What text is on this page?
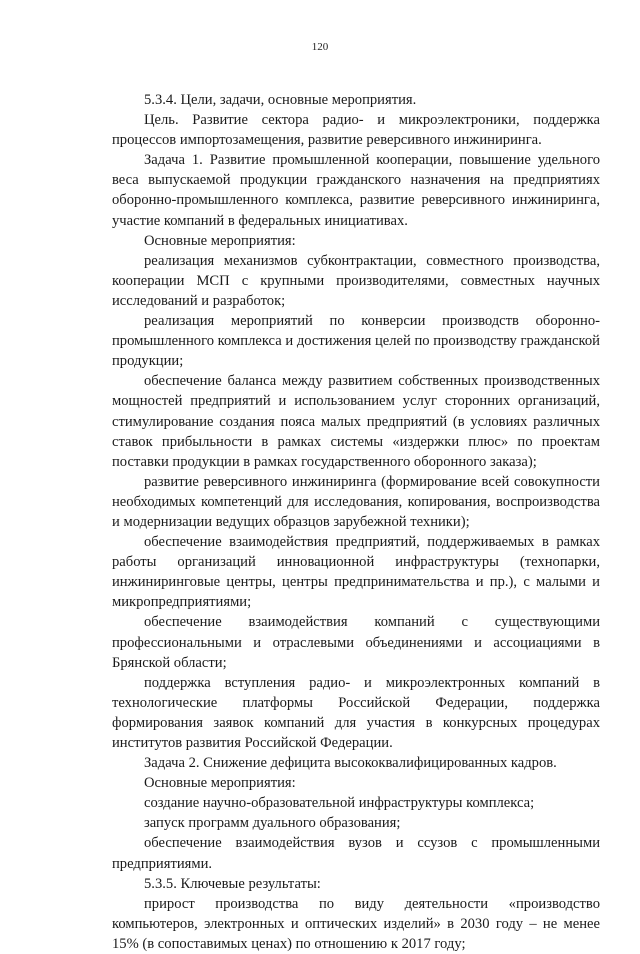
120

5.3.4. Цели, задачи, основные мероприятия.

Цель. Развитие сектора радио- и микроэлектроники, поддержка процессов импортозамещения, развитие реверсивного инжиниринга.

Задача 1. Развитие промышленной кооперации, повышение удельного веса выпускаемой продукции гражданского назначения на предприятиях оборонно-промышленного комплекса, развитие реверсивного инжиниринга, участие компаний в федеральных инициативах.

Основные мероприятия:

реализация механизмов субконтрактации, совместного производства, кооперации МСП с крупными производителями, совместных научных исследований и разработок;

реализация мероприятий по конверсии производств оборонно-промышленного комплекса и достижения целей по производству гражданской продукции;

обеспечение баланса между развитием собственных производственных мощностей предприятий и использованием услуг сторонних организаций, стимулирование создания пояса малых предприятий (в условиях различных ставок прибыльности в рамках системы «издержки плюс» по проектам поставки продукции в рамках государственного оборонного заказа);

развитие реверсивного инжиниринга (формирование всей совокупности необходимых компетенций для исследования, копирования, воспроизводства и модернизации ведущих образцов зарубежной техники);

обеспечение взаимодействия предприятий, поддерживаемых в рамках работы организаций инновационной инфраструктуры (технопарки, инжиниринговые центры, центры предпринимательства и пр.), с малыми и микропредприятиями;

обеспечение взаимодействия компаний с существующими профессиональными и отраслевыми объединениями и ассоциациями в Брянской области;

поддержка вступления радио- и микроэлектронных компаний в технологические платформы Российской Федерации, поддержка формирования заявок компаний для участия в конкурсных процедурах институтов развития Российской Федерации.

Задача 2. Снижение дефицита высококвалифицированных кадров.

Основные мероприятия:

создание научно-образовательной инфраструктуры комплекса;

запуск программ дуального образования;

обеспечение взаимодействия вузов и ссузов с промышленными предприятиями.

5.3.5. Ключевые результаты:

прирост производства по виду деятельности «производство компьютеров, электронных и оптических изделий» в 2030 году – не менее 15% (в сопоставимых ценах) по отношению к 2017 году;
